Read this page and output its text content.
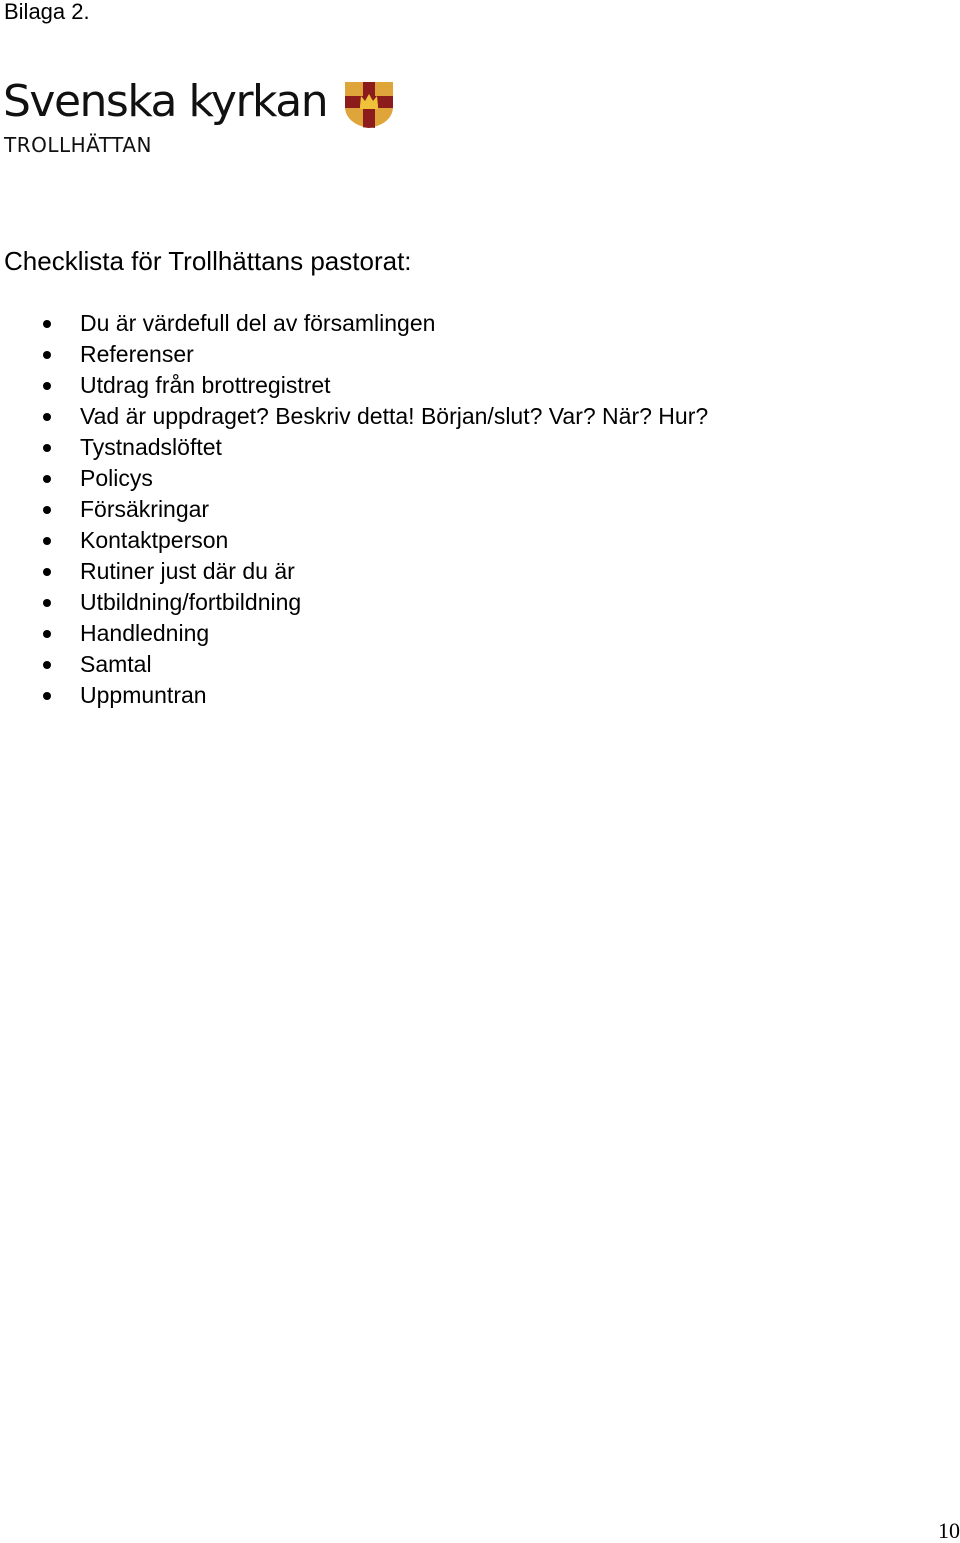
Bilaga 2.
Svenska kyrkan
TROLLHÄTTAN
Checklista för Trollhättans pastorat:
Du är värdefull del av församlingen
Referenser
Utdrag från brottregistret
Vad är uppdraget? Beskriv detta! Början/slut? Var? När? Hur?
Tystnadslöftet
Policys
Försäkringar
Kontaktperson
Rutiner just där du är
Utbildning/fortbildning
Handledning
Samtal
Uppmuntran
10
